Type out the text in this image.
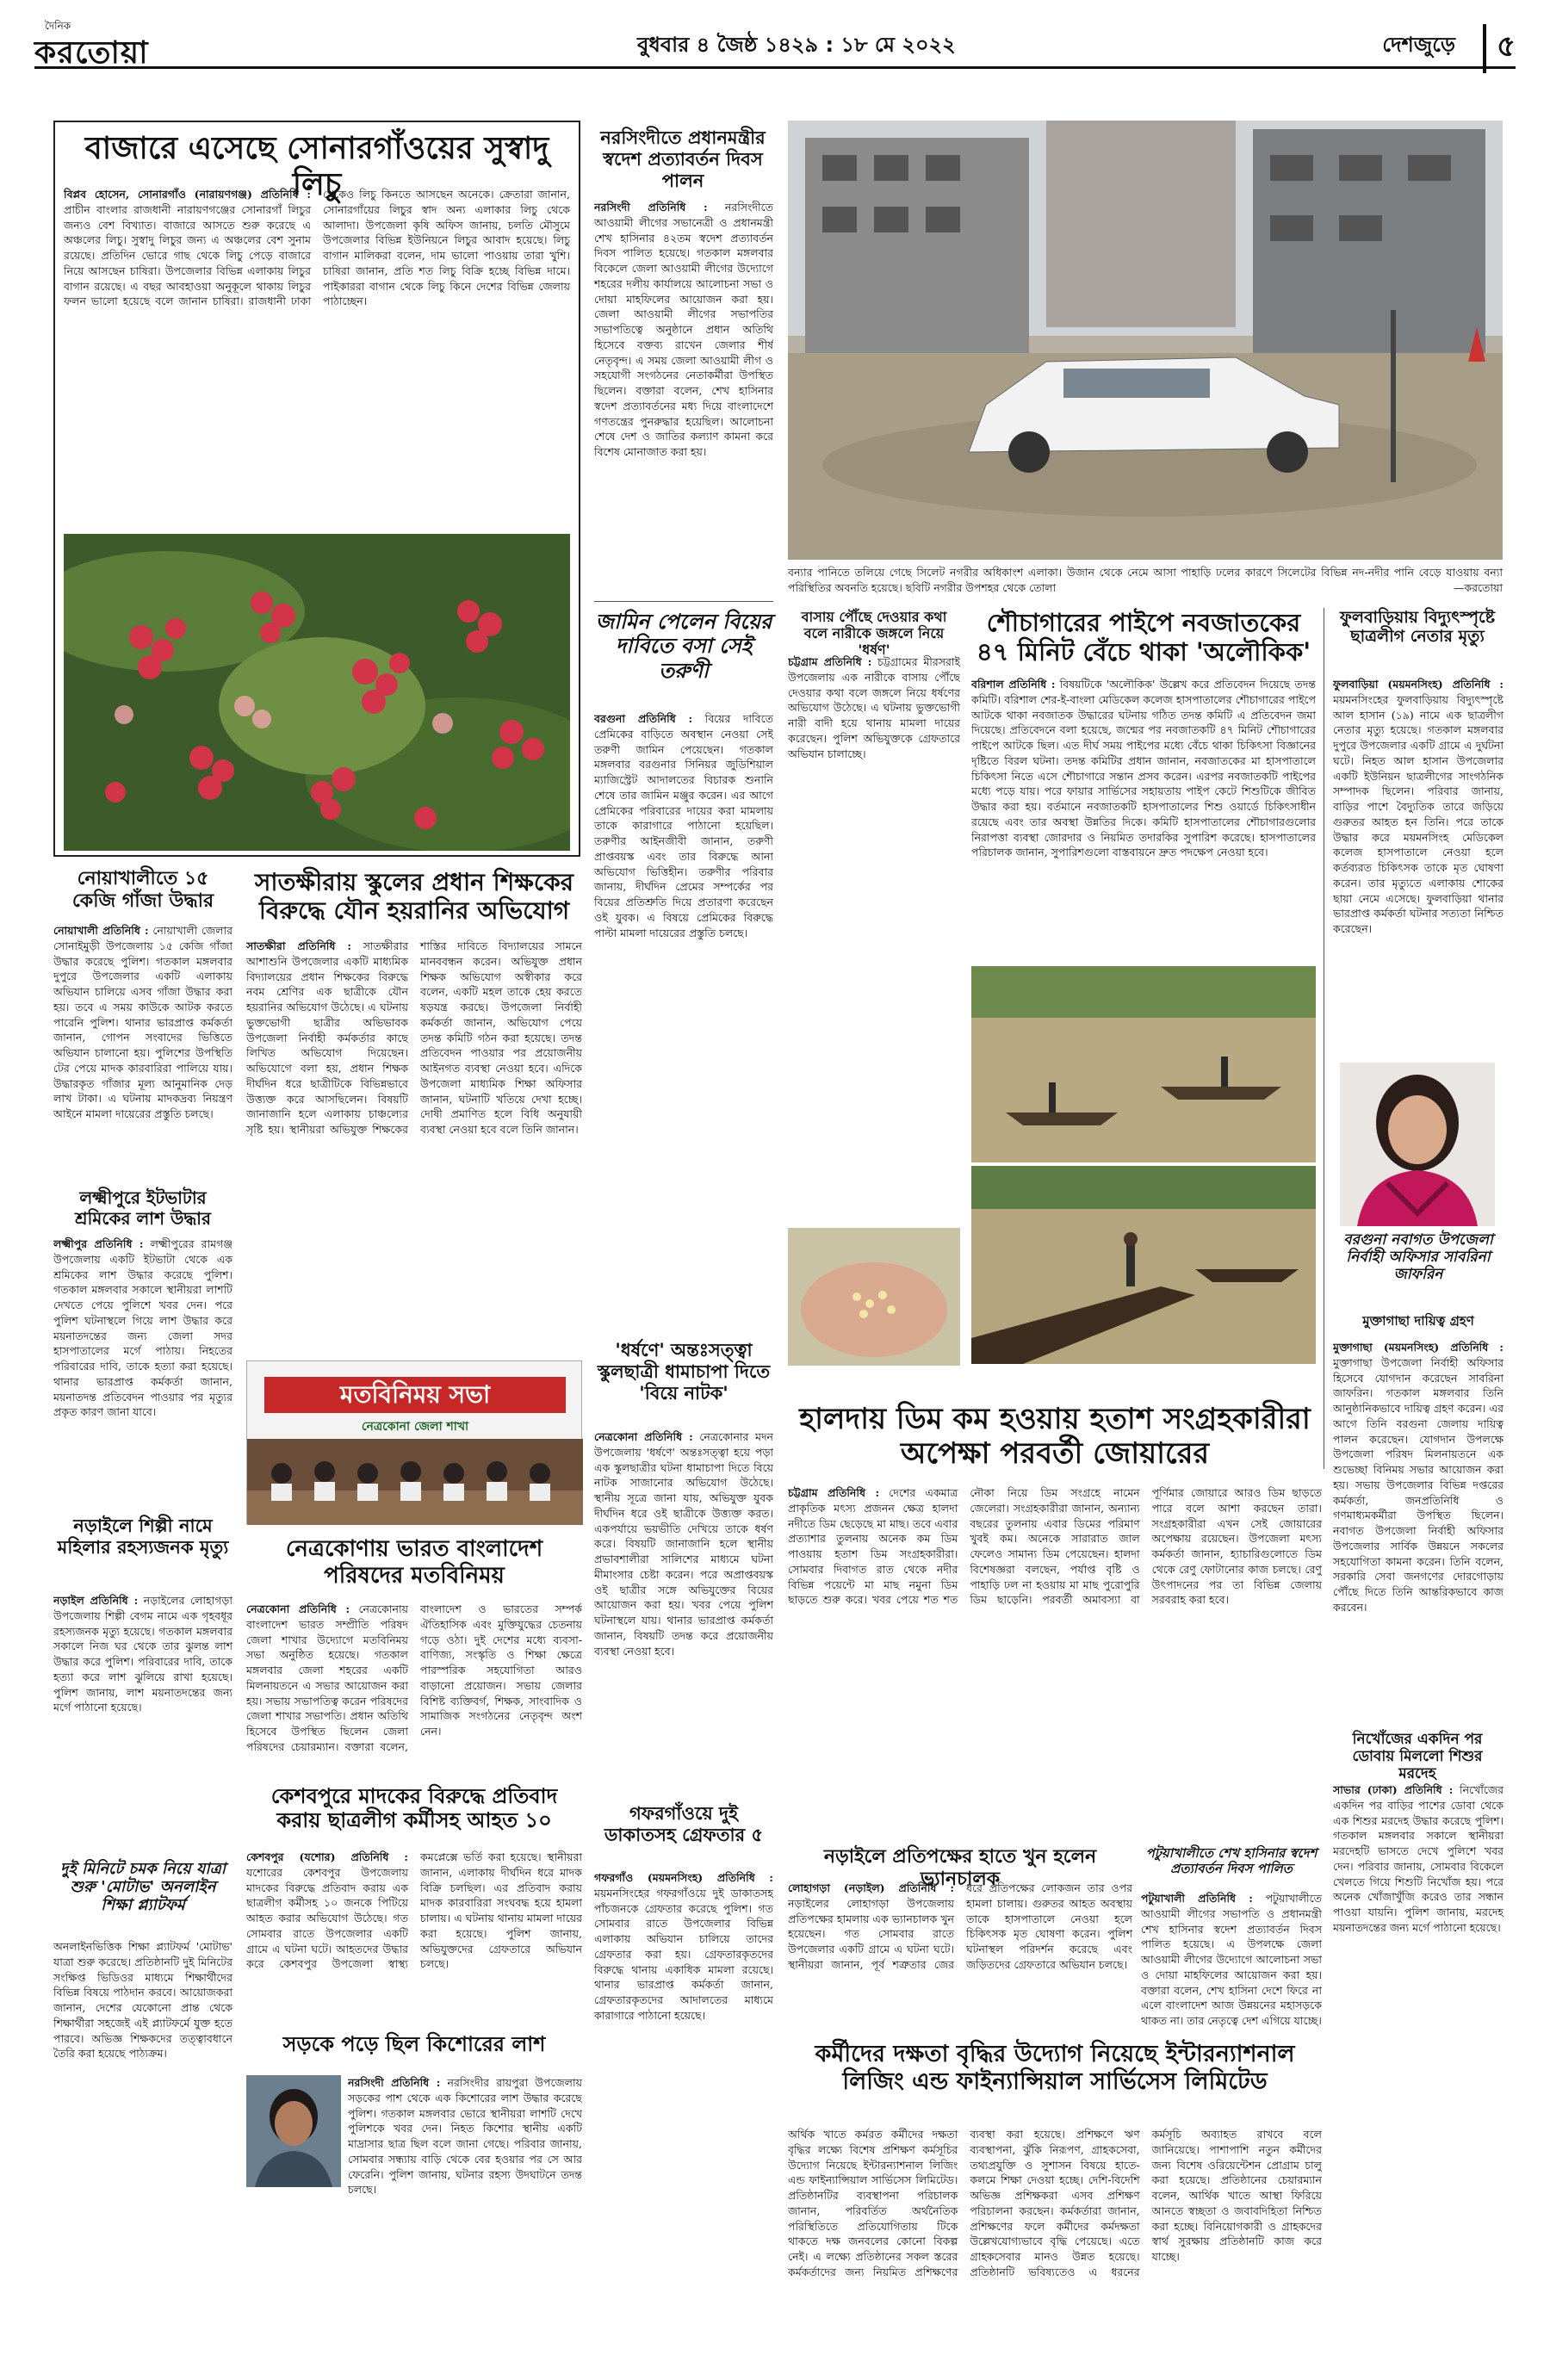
দৈনিক
করতোয়া	বুধবার ৪ জৈষ্ঠ ১৪২৯ : ১৮ মে ২০২২	দেশজুড়ে	৫
বাজারে এসেছে সোনারগাঁওয়ের সুস্বাদু লিচু
বিপ্লব হোসেন, সোনারগাঁও (নারায়ণগঞ্জ) প্রতিনিধি : প্রাচীন বাংলার রাজধানী নারায়ণগঞ্জের সোনারগাঁ লিচুর জন্যও বেশ বিখ্যাত। বাজারে আসতে শুরু করেছে এ অঞ্চলের লিচু। সুস্বাদু লিচুর জন্য এ অঞ্চলের বেশ সুনাম রয়েছে। প্রতিদিন ভোরে গাছ থেকে লিচু পেড়ে বাজারে নিয়ে আসছেন চাষিরা। উপজেলার বিভিন্ন এলাকায় লিচুর বাগান রয়েছে। এ বছর আবহাওয়া অনুকূলে থাকায় লিচুর ফলন ভালো হয়েছে বলে জানান চাষিরা। রাজধানী ঢাকা থেকেও লিচু কিনতে আসছেন অনেকে। ক্রেতারা জানান, সোনারগাঁয়ের লিচুর স্বাদ অন্য এলাকার লিচু থেকে আলাদা। উপজেলা কৃষি অফিস জানায়, চলতি মৌসুমে উপজেলার বিভিন্ন ইউনিয়নে লিচুর আবাদ হয়েছে। লিচু বাগান মালিকরা বলেন, দাম ভালো পাওয়ায় তারা খুশি। চাষিরা জানান, প্রতি শত লিচু বিক্রি হচ্ছে বিভিন্ন দামে। পাইকাররা বাগান থেকে লিচু কিনে দেশের বিভিন্ন জেলায় পাঠাচ্ছেন।
নরসিংদীতে প্রধানমন্ত্রীর স্বদেশ প্রত্যাবর্তন দিবস পালন
নরসিংদী প্রতিনিধি : নরসিংদীতে আওয়ামী লীগের সভানেত্রী ও প্রধানমন্ত্রী শেখ হাসিনার ৪২তম স্বদেশ প্রত্যাবর্তন দিবস পালিত হয়েছে। গতকাল মঙ্গলবার বিকেলে জেলা আওয়ামী লীগের উদ্যোগে শহরের দলীয় কার্যালয়ে আলোচনা সভা ও দোয়া মাহফিলের আয়োজন করা হয়। জেলা আওয়ামী লীগের সভাপতির সভাপতিত্বে অনুষ্ঠানে প্রধান অতিথি হিসেবে বক্তব্য রাখেন জেলার শীর্ষ নেতৃবৃন্দ। এ সময় জেলা আওয়ামী লীগ ও সহযোগী সংগঠনের নেতাকর্মীরা উপস্থিত ছিলেন। বক্তারা বলেন, শেখ হাসিনার স্বদেশ প্রত্যাবর্তনের মধ্য দিয়ে বাংলাদেশে গণতন্ত্রের পুনরুদ্ধার হয়েছিল। আলোচনা শেষে দেশ ও জাতির কল্যাণ কামনা করে বিশেষ মোনাজাত করা হয়।
জামিন পেলেন বিয়ের দাবিতে বসা সেই তরুণী
বরগুনা প্রতিনিধি : বিয়ের দাবিতে প্রেমিকের বাড়িতে অবস্থান নেওয়া সেই তরুণী জামিন পেয়েছেন। গতকাল মঙ্গলবার বরগুনার সিনিয়র জুডিশিয়াল ম্যাজিস্ট্রেট আদালতের বিচারক শুনানি শেষে তার জামিন মঞ্জুর করেন। এর আগে প্রেমিকের পরিবারের দায়ের করা মামলায় তাকে কারাগারে পাঠানো হয়েছিল। তরুণীর আইনজীবী জানান, তরুণী প্রাপ্তবয়স্ক এবং তার বিরুদ্ধে আনা অভিযোগ ভিত্তিহীন। তরুণীর পরিবার জানায়, দীর্ঘদিন প্রেমের সম্পর্কের পর বিয়ের প্রতিশ্রুতি দিয়ে প্রতারণা করেছেন ওই যুবক। এ বিষয়ে প্রেমিকের বিরুদ্ধে পাল্টা মামলা দায়েরের প্রস্তুতি চলছে।
বন্যার পানিতে তলিয়ে গেছে সিলেট নগরীর অধিকাংশ এলাকা। উজান থেকে নেমে আসা পাহাড়ি ঢলের কারণে সিলেটের বিভিন্ন নদ-নদীর পানি বেড়ে যাওয়ায় বন্যা পরিস্থিতির অবনতি হয়েছে। ছবিটি নগরীর উপশহর থেকে তোলা	—করতোয়া
বাসায় পৌঁছে দেওয়ার কথা বলে নারীকে জঙ্গলে নিয়ে 'ধর্ষণ'
চট্টগ্রাম প্রতিনিধি : চট্টগ্রামের মীরসরাই উপজেলায় এক নারীকে বাসায় পৌঁছে দেওয়ার কথা বলে জঙ্গলে নিয়ে ধর্ষণের অভিযোগ উঠেছে। এ ঘটনায় ভুক্তভোগী নারী বাদী হয়ে থানায় মামলা দায়ের করেছেন। পুলিশ অভিযুক্তকে গ্রেফতারে অভিযান চালাচ্ছে।
শৌচাগারের পাইপে নবজাতকের ৪৭ মিনিট বেঁচে থাকা 'অলৌকিক'
বরিশাল প্রতিনিধি : বিষয়টিকে 'অলৌকিক' উল্লেখ করে প্রতিবেদন দিয়েছে তদন্ত কমিটি। বরিশাল শের-ই-বাংলা মেডিকেল কলেজ হাসপাতালের শৌচাগারের পাইপে আটকে থাকা নবজাতক উদ্ধারের ঘটনায় গঠিত তদন্ত কমিটি এ প্রতিবেদন জমা দিয়েছে। প্রতিবেদনে বলা হয়েছে, জন্মের পর নবজাতকটি ৪৭ মিনিট শৌচাগারের পাইপে আটকে ছিল। এত দীর্ঘ সময় পাইপের মধ্যে বেঁচে থাকা চিকিৎসা বিজ্ঞানের দৃষ্টিতে বিরল ঘটনা। তদন্ত কমিটির প্রধান জানান, নবজাতকের মা হাসপাতালে চিকিৎসা নিতে এসে শৌচাগারে সন্তান প্রসব করেন। এরপর নবজাতকটি পাইপের মধ্যে পড়ে যায়। পরে ফায়ার সার্ভিসের সহায়তায় পাইপ কেটে শিশুটিকে জীবিত উদ্ধার করা হয়। বর্তমানে নবজাতকটি হাসপাতালের শিশু ওয়ার্ডে চিকিৎসাধীন রয়েছে এবং তার অবস্থা উন্নতির দিকে। কমিটি হাসপাতালের শৌচাগারগুলোর নিরাপত্তা ব্যবস্থা জোরদার ও নিয়মিত তদারকির সুপারিশ করেছে। হাসপাতালের পরিচালক জানান, সুপারিশগুলো বাস্তবায়নে দ্রুত পদক্ষেপ নেওয়া হবে।
ফুলবাড়িয়ায় বিদ্যুৎস্পৃষ্টে ছাত্রলীগ নেতার মৃত্যু
ফুলবাড়িয়া (ময়মনসিংহ) প্রতিনিধি : ময়মনসিংহের ফুলবাড়িয়ায় বিদ্যুৎস্পৃষ্টে আল হাসান (১৯) নামে এক ছাত্রলীগ নেতার মৃত্যু হয়েছে। গতকাল মঙ্গলবার দুপুরে উপজেলার একটি গ্রামে এ দুর্ঘটনা ঘটে। নিহত আল হাসান উপজেলার একটি ইউনিয়ন ছাত্রলীগের সাংগঠনিক সম্পাদক ছিলেন। পরিবার জানায়, বাড়ির পাশে বৈদ্যুতিক তারে জড়িয়ে গুরুতর আহত হন তিনি। পরে তাকে উদ্ধার করে ময়মনসিংহ মেডিকেল কলেজ হাসপাতালে নেওয়া হলে কর্তব্যরত চিকিৎসক তাকে মৃত ঘোষণা করেন। তার মৃত্যুতে এলাকায় শোকের ছায়া নেমে এসেছে। ফুলবাড়িয়া থানার ভারপ্রাপ্ত কর্মকর্তা ঘটনার সত্যতা নিশ্চিত করেছেন।
বরগুনা নবাগত উপজেলা নির্বাহী অফিসার সাবরিনা জাফরিন
মুক্তাগাছা দায়িত্ব গ্রহণ
মুক্তাগাছা (ময়মনসিংহ) প্রতিনিধি : মুক্তাগাছা উপজেলা নির্বাহী অফিসার হিসেবে যোগদান করেছেন সাবরিনা জাফরিন। গতকাল মঙ্গলবার তিনি আনুষ্ঠানিকভাবে দায়িত্ব গ্রহণ করেন। এর আগে তিনি বরগুনা জেলায় দায়িত্ব পালন করেছেন। যোগদান উপলক্ষে উপজেলা পরিষদ মিলনায়তনে এক শুভেচ্ছা বিনিময় সভার আয়োজন করা হয়। সভায় উপজেলার বিভিন্ন দপ্তরের কর্মকর্তা, জনপ্রতিনিধি ও গণমাধ্যমকর্মীরা উপস্থিত ছিলেন। নবাগত উপজেলা নির্বাহী অফিসার উপজেলার সার্বিক উন্নয়নে সকলের সহযোগিতা কামনা করেন। তিনি বলেন, সরকারি সেবা জনগণের দোরগোড়ায় পৌঁছে দিতে তিনি আন্তরিকভাবে কাজ করবেন।
'ধর্ষণে' অন্তঃসত্ত্বা স্কুলছাত্রী ধামাচাপা দিতে 'বিয়ে নাটক'
নেত্রকোনা প্রতিনিধি : নেত্রকোনার মদন উপজেলায় 'ধর্ষণে' অন্তঃসত্ত্বা হয়ে পড়া এক স্কুলছাত্রীর ঘটনা ধামাচাপা দিতে বিয়ে নাটক সাজানোর অভিযোগ উঠেছে। স্থানীয় সূত্রে জানা যায়, অভিযুক্ত যুবক দীর্ঘদিন ধরে ওই ছাত্রীকে উত্ত্যক্ত করত। একপর্যায়ে ভয়ভীতি দেখিয়ে তাকে ধর্ষণ করে। বিষয়টি জানাজানি হলে স্থানীয় প্রভাবশালীরা সালিশের মাধ্যমে ঘটনা মীমাংসার চেষ্টা করেন। পরে অপ্রাপ্তবয়স্ক ওই ছাত্রীর সঙ্গে অভিযুক্তের বিয়ের আয়োজন করা হয়। খবর পেয়ে পুলিশ ঘটনাস্থলে যায়। থানার ভারপ্রাপ্ত কর্মকর্তা জানান, বিষয়টি তদন্ত করে প্রয়োজনীয় ব্যবস্থা নেওয়া হবে।
হালদায় ডিম কম হওয়ায় হতাশ সংগ্রহকারীরা অপেক্ষা পরবর্তী জোয়ারের
চট্টগ্রাম প্রতিনিধি : দেশের একমাত্র প্রাকৃতিক মৎস্য প্রজনন ক্ষেত্র হালদা নদীতে ডিম ছেড়েছে মা মাছ। তবে এবার প্রত্যাশার তুলনায় অনেক কম ডিম পাওয়ায় হতাশ ডিম সংগ্রহকারীরা। সোমবার দিবাগত রাত থেকে নদীর বিভিন্ন পয়েন্টে মা মাছ নমুনা ডিম ছাড়তে শুরু করে। খবর পেয়ে শত শত নৌকা নিয়ে ডিম সংগ্রহে নামেন জেলেরা। সংগ্রহকারীরা জানান, অন্যান্য বছরের তুলনায় এবার ডিমের পরিমাণ খুবই কম। অনেকে সারারাত জাল ফেলেও সামান্য ডিম পেয়েছেন। হালদা বিশেষজ্ঞরা বলছেন, পর্যাপ্ত বৃষ্টি ও পাহাড়ি ঢল না হওয়ায় মা মাছ পুরোপুরি ডিম ছাড়েনি। পরবর্তী অমাবস্যা বা পূর্ণিমার জোয়ারে আরও ডিম ছাড়তে পারে বলে আশা করছেন তারা। সংগ্রহকারীরা এখন সেই জোয়ারের অপেক্ষায় রয়েছেন। উপজেলা মৎস্য কর্মকর্তা জানান, হ্যাচারিগুলোতে ডিম থেকে রেণু ফোটানোর কাজ চলছে। রেণু উৎপাদনের পর তা বিভিন্ন জেলায় সরবরাহ করা হবে।
নোয়াখালীতে ১৫ কেজি গাঁজা উদ্ধার
নোয়াখালী প্রতিনিধি : নোয়াখালী জেলার সোনাইমুড়ী উপজেলায় ১৫ কেজি গাঁজা উদ্ধার করেছে পুলিশ। গতকাল মঙ্গলবার দুপুরে উপজেলার একটি এলাকায় অভিযান চালিয়ে এসব গাঁজা উদ্ধার করা হয়। তবে এ সময় কাউকে আটক করতে পারেনি পুলিশ। থানার ভারপ্রাপ্ত কর্মকর্তা জানান, গোপন সংবাদের ভিত্তিতে অভিযান চালানো হয়। পুলিশের উপস্থিতি টের পেয়ে মাদক কারবারিরা পালিয়ে যায়। উদ্ধারকৃত গাঁজার মূল্য আনুমানিক দেড় লাখ টাকা। এ ঘটনায় মাদকদ্রব্য নিয়ন্ত্রণ আইনে মামলা দায়েরের প্রস্তুতি চলছে।
লক্ষ্মীপুরে ইটভাটার শ্রমিকের লাশ উদ্ধার
লক্ষ্মীপুর প্রতিনিধি : লক্ষ্মীপুরের রামগঞ্জ উপজেলায় একটি ইটভাটা থেকে এক শ্রমিকের লাশ উদ্ধার করেছে পুলিশ। গতকাল মঙ্গলবার সকালে স্থানীয়রা লাশটি দেখতে পেয়ে পুলিশে খবর দেন। পরে পুলিশ ঘটনাস্থলে গিয়ে লাশ উদ্ধার করে ময়নাতদন্তের জন্য জেলা সদর হাসপাতালের মর্গে পাঠায়। নিহতের পরিবারের দাবি, তাকে হত্যা করা হয়েছে। থানার ভারপ্রাপ্ত কর্মকর্তা জানান, ময়নাতদন্ত প্রতিবেদন পাওয়ার পর মৃত্যুর প্রকৃত কারণ জানা যাবে।
নড়াইলে শিল্পী নামে মহিলার রহস্যজনক মৃত্যু
নড়াইল প্রতিনিধি : নড়াইলের লোহাগড়া উপজেলায় শিল্পী বেগম নামে এক গৃহবধূর রহস্যজনক মৃত্যু হয়েছে। গতকাল মঙ্গলবার সকালে নিজ ঘর থেকে তার ঝুলন্ত লাশ উদ্ধার করে পুলিশ। পরিবারের দাবি, তাকে হত্যা করে লাশ ঝুলিয়ে রাখা হয়েছে। পুলিশ জানায়, লাশ ময়নাতদন্তের জন্য মর্গে পাঠানো হয়েছে।
দুই মিনিটে চমক নিয়ে যাত্রা শুরু 'মোটাভ' অনলাইন শিক্ষা প্ল্যাটফর্ম
অনলাইনভিত্তিক শিক্ষা প্ল্যাটফর্ম 'মোটাভ' যাত্রা শুরু করেছে। প্রতিষ্ঠানটি দুই মিনিটের সংক্ষিপ্ত ভিডিওর মাধ্যমে শিক্ষার্থীদের বিভিন্ন বিষয়ে পাঠদান করবে। আয়োজকরা জানান, দেশের যেকোনো প্রান্ত থেকে শিক্ষার্থীরা সহজেই এই প্ল্যাটফর্মে যুক্ত হতে পারবে। অভিজ্ঞ শিক্ষকদের তত্ত্বাবধানে তৈরি করা হয়েছে পাঠ্যক্রম।
সাতক্ষীরায় স্কুলের প্রধান শিক্ষকের বিরুদ্ধে যৌন হয়রানির অভিযোগ
সাতক্ষীরা প্রতিনিধি : সাতক্ষীরার আশাশুনি উপজেলার একটি মাধ্যমিক বিদ্যালয়ের প্রধান শিক্ষকের বিরুদ্ধে নবম শ্রেণির এক ছাত্রীকে যৌন হয়রানির অভিযোগ উঠেছে। এ ঘটনায় ভুক্তভোগী ছাত্রীর অভিভাবক উপজেলা নির্বাহী কর্মকর্তার কাছে লিখিত অভিযোগ দিয়েছেন। অভিযোগে বলা হয়, প্রধান শিক্ষক দীর্ঘদিন ধরে ছাত্রীটিকে বিভিন্নভাবে উত্ত্যক্ত করে আসছিলেন। বিষয়টি জানাজানি হলে এলাকায় চাঞ্চল্যের সৃষ্টি হয়। স্থানীয়রা অভিযুক্ত শিক্ষকের শাস্তির দাবিতে বিদ্যালয়ের সামনে মানববন্ধন করেন। অভিযুক্ত প্রধান শিক্ষক অভিযোগ অস্বীকার করে বলেন, একটি মহল তাকে হেয় করতে ষড়যন্ত্র করছে। উপজেলা নির্বাহী কর্মকর্তা জানান, অভিযোগ পেয়ে তদন্ত কমিটি গঠন করা হয়েছে। তদন্ত প্রতিবেদন পাওয়ার পর প্রয়োজনীয় আইনগত ব্যবস্থা নেওয়া হবে। এদিকে উপজেলা মাধ্যমিক শিক্ষা অফিসার জানান, ঘটনাটি খতিয়ে দেখা হচ্ছে। দোষী প্রমাণিত হলে বিধি অনুযায়ী ব্যবস্থা নেওয়া হবে বলে তিনি জানান।
মতবিনিময় সভা
নেত্রকোনা জেলা শাখা
নেত্রকোণায় ভারত বাংলাদেশ পরিষদের মতবিনিময়
নেত্রকোনা প্রতিনিধি : নেত্রকোনায় বাংলাদেশ ভারত সম্প্রীতি পরিষদ জেলা শাখার উদ্যোগে মতবিনিময় সভা অনুষ্ঠিত হয়েছে। গতকাল মঙ্গলবার জেলা শহরের একটি মিলনায়তনে এ সভার আয়োজন করা হয়। সভায় সভাপতিত্ব করেন পরিষদের জেলা শাখার সভাপতি। প্রধান অতিথি হিসেবে উপস্থিত ছিলেন জেলা পরিষদের চেয়ারম্যান। বক্তারা বলেন, বাংলাদেশ ও ভারতের সম্পর্ক ঐতিহাসিক এবং মুক্তিযুদ্ধের চেতনায় গড়ে ওঠা। দুই দেশের মধ্যে ব্যবসা-বাণিজ্য, সংস্কৃতি ও শিক্ষা ক্ষেত্রে পারস্পরিক সহযোগিতা আরও বাড়ানো প্রয়োজন। সভায় জেলার বিশিষ্ট ব্যক্তিবর্গ, শিক্ষক, সাংবাদিক ও সামাজিক সংগঠনের নেতৃবৃন্দ অংশ নেন।
কেশবপুরে মাদকের বিরুদ্ধে প্রতিবাদ করায় ছাত্রলীগ কর্মীসহ আহত ১০
কেশবপুর (যশোর) প্রতিনিধি : যশোরের কেশবপুর উপজেলায় মাদকের বিরুদ্ধে প্রতিবাদ করায় এক ছাত্রলীগ কর্মীসহ ১০ জনকে পিটিয়ে আহত করার অভিযোগ উঠেছে। গত সোমবার রাতে উপজেলার একটি গ্রামে এ ঘটনা ঘটে। আহতদের উদ্ধার করে কেশবপুর উপজেলা স্বাস্থ্য কমপ্লেক্সে ভর্তি করা হয়েছে। স্থানীয়রা জানান, এলাকায় দীর্ঘদিন ধরে মাদক বিক্রি চলছিল। এর প্রতিবাদ করায় মাদক কারবারিরা সংঘবদ্ধ হয়ে হামলা চালায়। এ ঘটনায় থানায় মামলা দায়ের করা হয়েছে। পুলিশ জানায়, অভিযুক্তদের গ্রেফতারে অভিযান চলছে।
সড়কে পড়ে ছিল কিশোরের লাশ
নরসিংদী প্রতিনিধি : নরসিংদীর রায়পুরা উপজেলায় সড়কের পাশ থেকে এক কিশোরের লাশ উদ্ধার করেছে পুলিশ। গতকাল মঙ্গলবার ভোরে স্থানীয়রা লাশটি দেখে পুলিশকে খবর দেন। নিহত কিশোর স্থানীয় একটি মাদ্রাসার ছাত্র ছিল বলে জানা গেছে। পরিবার জানায়, সোমবার সন্ধ্যায় বাড়ি থেকে বের হওয়ার পর সে আর ফেরেনি। পুলিশ জানায়, ঘটনার রহস্য উদঘাটনে তদন্ত চলছে।
গফরগাঁওয়ে দুই ডাকাতসহ গ্রেফতার ৫
গফরগাঁও (ময়মনসিংহ) প্রতিনিধি : ময়মনসিংহের গফরগাঁওয়ে দুই ডাকাতসহ পাঁচজনকে গ্রেফতার করেছে পুলিশ। গত সোমবার রাতে উপজেলার বিভিন্ন এলাকায় অভিযান চালিয়ে তাদের গ্রেফতার করা হয়। গ্রেফতারকৃতদের বিরুদ্ধে থানায় একাধিক মামলা রয়েছে। থানার ভারপ্রাপ্ত কর্মকর্তা জানান, গ্রেফতারকৃতদের আদালতের মাধ্যমে কারাগারে পাঠানো হয়েছে।
নড়াইলে প্রতিপক্ষের হাতে খুন হলেন ভ্যানচালক
লোহাগড়া (নড়াইল) প্রতিনিধি : নড়াইলের লোহাগড়া উপজেলায় প্রতিপক্ষের হামলায় এক ভ্যানচালক খুন হয়েছেন। গত সোমবার রাতে উপজেলার একটি গ্রামে এ ঘটনা ঘটে। স্থানীয়রা জানান, পূর্ব শত্রুতার জের ধরে প্রতিপক্ষের লোকজন তার ওপর হামলা চালায়। গুরুতর আহত অবস্থায় তাকে হাসপাতালে নেওয়া হলে চিকিৎসক মৃত ঘোষণা করেন। পুলিশ ঘটনাস্থল পরিদর্শন করেছে এবং জড়িতদের গ্রেফতারে অভিযান চলছে।
পটুয়াখালীতে শেখ হাসিনার স্বদেশ প্রত্যাবর্তন দিবস পালিত
পটুয়াখালী প্রতিনিধি : পটুয়াখালীতে আওয়ামী লীগের সভাপতি ও প্রধানমন্ত্রী শেখ হাসিনার স্বদেশ প্রত্যাবর্তন দিবস পালিত হয়েছে। এ উপলক্ষে জেলা আওয়ামী লীগের উদ্যোগে আলোচনা সভা ও দোয়া মাহফিলের আয়োজন করা হয়। বক্তারা বলেন, শেখ হাসিনা দেশে ফিরে না এলে বাংলাদেশ আজ উন্নয়নের মহাসড়কে থাকত না। তার নেতৃত্বে দেশ এগিয়ে যাচ্ছে।
নিখোঁজের একদিন পর ডোবায় মিললো শিশুর মরদেহ
সাভার (ঢাকা) প্রতিনিধি : নিখোঁজের একদিন পর বাড়ির পাশের ডোবা থেকে এক শিশুর মরদেহ উদ্ধার করেছে পুলিশ। গতকাল মঙ্গলবার সকালে স্থানীয়রা মরদেহটি ভাসতে দেখে পুলিশে খবর দেন। পরিবার জানায়, সোমবার বিকেলে খেলতে গিয়ে শিশুটি নিখোঁজ হয়। পরে অনেক খোঁজাখুঁজি করেও তার সন্ধান পাওয়া যায়নি। পুলিশ জানায়, মরদেহ ময়নাতদন্তের জন্য মর্গে পাঠানো হয়েছে।
কর্মীদের দক্ষতা বৃদ্ধির উদ্যোগ নিয়েছে ইন্টারন্যাশনাল লিজিং এন্ড ফাইন্যান্সিয়াল সার্ভিসেস লিমিটেড
অর্থিক খাতে কর্মরত কর্মীদের দক্ষতা বৃদ্ধির লক্ষ্যে বিশেষ প্রশিক্ষণ কর্মসূচির উদ্যোগ নিয়েছে ইন্টারন্যাশনাল লিজিং এন্ড ফাইন্যান্সিয়াল সার্ভিসেস লিমিটেড। প্রতিষ্ঠানটির ব্যবস্থাপনা পরিচালক জানান, পরিবর্তিত অর্থনৈতিক পরিস্থিতিতে প্রতিযোগিতায় টিকে থাকতে দক্ষ জনবলের কোনো বিকল্প নেই। এ লক্ষ্যে প্রতিষ্ঠানের সকল স্তরের কর্মকর্তাদের জন্য নিয়মিত প্রশিক্ষণের ব্যবস্থা করা হয়েছে। প্রশিক্ষণে ঋণ ব্যবস্থাপনা, ঝুঁকি নিরূপণ, গ্রাহকসেবা, তথ্যপ্রযুক্তি ও সুশাসন বিষয়ে হাতে-কলমে শিক্ষা দেওয়া হচ্ছে। দেশি-বিদেশি অভিজ্ঞ প্রশিক্ষকরা এসব প্রশিক্ষণ পরিচালনা করছেন। কর্মকর্তারা জানান, প্রশিক্ষণের ফলে কর্মীদের কর্মদক্ষতা উল্লেখযোগ্যভাবে বৃদ্ধি পেয়েছে। এতে গ্রাহকসেবার মানও উন্নত হয়েছে। প্রতিষ্ঠানটি ভবিষ্যতেও এ ধরনের কর্মসূচি অব্যাহত রাখবে বলে জানিয়েছে। পাশাপাশি নতুন কর্মীদের জন্য বিশেষ ওরিয়েন্টেশন প্রোগ্রাম চালু করা হয়েছে। প্রতিষ্ঠানের চেয়ারম্যান বলেন, আর্থিক খাতে আস্থা ফিরিয়ে আনতে স্বচ্ছতা ও জবাবদিহিতা নিশ্চিত করা হচ্ছে। বিনিয়োগকারী ও গ্রাহকদের স্বার্থ সুরক্ষায় প্রতিষ্ঠানটি কাজ করে যাচ্ছে।
